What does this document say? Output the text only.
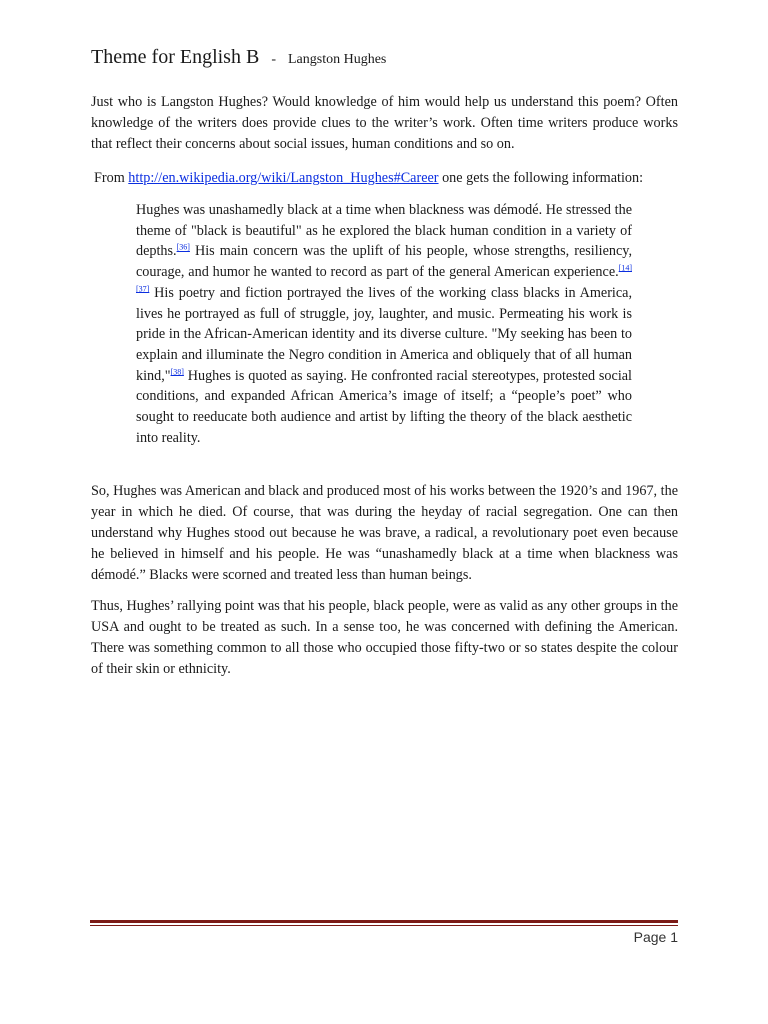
Theme for English B - Langston Hughes

Just who is Langston Hughes? Would knowledge of him would help us understand this poem? Often knowledge of the writers does provide clues to the writer’s work. Often time writers produce works that reflect their concerns about social issues, human conditions and so on.

From http://en.wikipedia.org/wiki/Langston_Hughes#Career one gets the following information:

Hughes was unashamedly black at a time when blackness was démodé. He stressed the theme of "black is beautiful" as he explored the black human condition in a variety of depths.[36] His main concern was the uplift of his people, whose strengths, resiliency, courage, and humor he wanted to record as part of the general American experience.[14][37] His poetry and fiction portrayed the lives of the working class blacks in America, lives he portrayed as full of struggle, joy, laughter, and music. Permeating his work is pride in the African-American identity and its diverse culture. "My seeking has been to explain and illuminate the Negro condition in America and obliquely that of all human kind,"[38] Hughes is quoted as saying. He confronted racial stereotypes, protested social conditions, and expanded African America’s image of itself; a “people’s poet” who sought to reeducate both audience and artist by lifting the theory of the black aesthetic into reality.

So, Hughes was American and black and produced most of his works between the 1920’s and 1967, the year in which he died. Of course, that was during the heyday of racial segregation. One can then understand why Hughes stood out because he was brave, a radical, a revolutionary poet even because he believed in himself and his people. He was “unashamedly black at a time when blackness was démodé.” Blacks were scorned and treated less than human beings.

Thus, Hughes’ rallying point was that his people, black people, were as valid as any other groups in the USA and ought to be treated as such. In a sense too, he was concerned with defining the American. There was something common to all those who occupied those fifty-two or so states despite the colour of their skin or ethnicity.

Page 1
